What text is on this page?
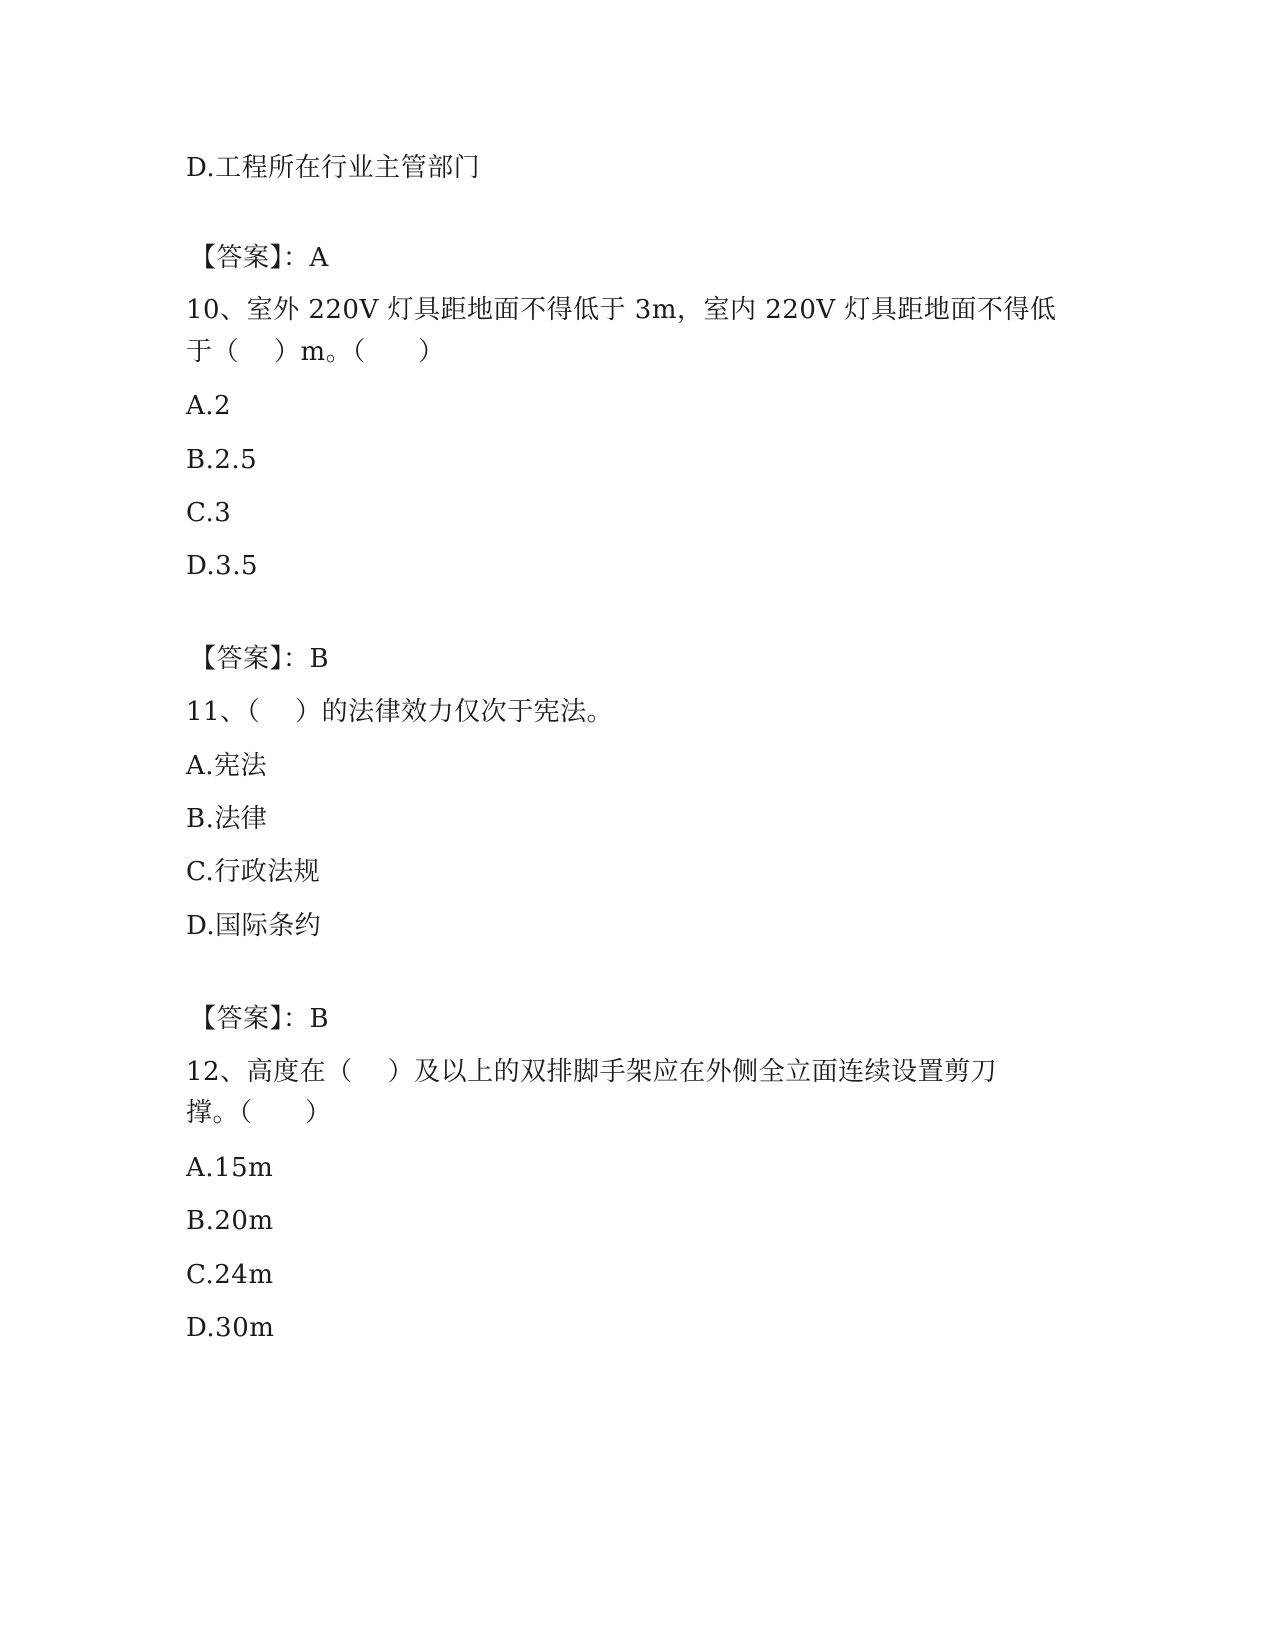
D.工程所在行业主管部门
【答案】：A
10、室外 220V 灯具距地面不得低于 3m，室内 220V 灯具距地面不得低
于（    ）m。（      ）
A.2
B.2.5
C.3
D.3.5
【答案】：B
11、（    ）的法律效力仅次于宪法。
A.宪法
B.法律
C.行政法规
D.国际条约
【答案】：B
12、高度在（    ）及以上的双排脚手架应在外侧全立面连续设置剪刀
撑。（      ）
A.15m
B.20m
C.24m
D.30m
